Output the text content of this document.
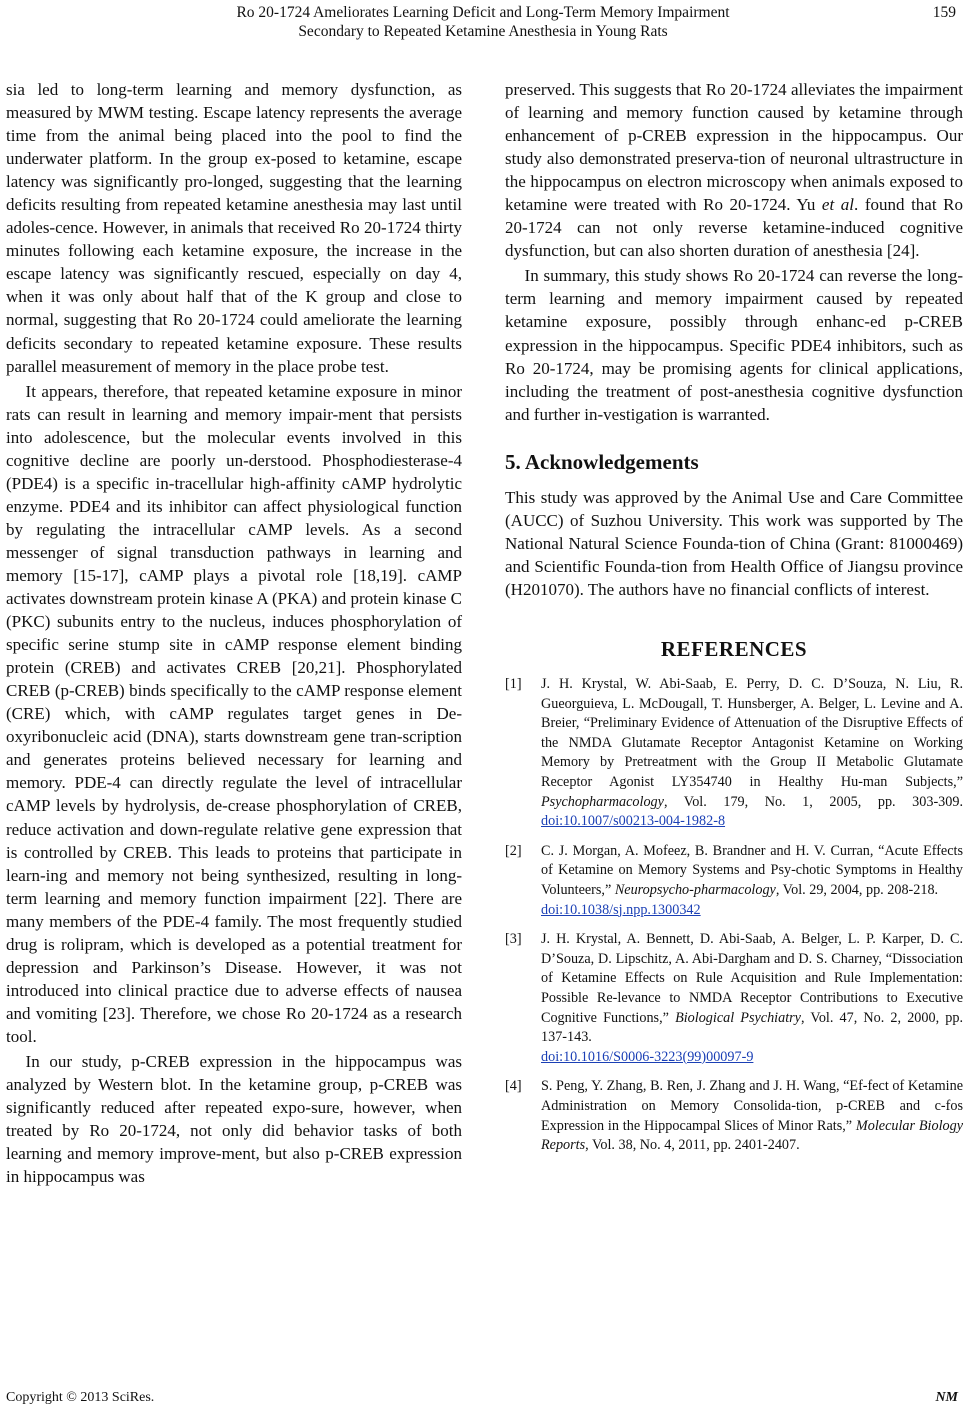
Ro 20-1724 Ameliorates Learning Deficit and Long-Term Memory Impairment
Secondary to Repeated Ketamine Anesthesia in Young Rats
159

sia led to long-term learning and memory dysfunction, as measured by MWM testing. Escape latency represents the average time from the animal being placed into the pool to find the underwater platform. In the group ex-posed to ketamine, escape latency was significantly pro-longed, suggesting that the learning deficits resulting from repeated ketamine anesthesia may last until adoles-cence. However, in animals that received Ro 20-1724 thirty minutes following each ketamine exposure, the increase in the escape latency was significantly rescued, especially on day 4, when it was only about half that of the K group and close to normal, suggesting that Ro 20-1724 could ameliorate the learning deficits secondary to repeated ketamine exposure. These results parallel measurement of memory in the place probe test.

It appears, therefore, that repeated ketamine exposure in minor rats can result in learning and memory impair-ment that persists into adolescence, but the molecular events involved in this cognitive decline are poorly un-derstood. Phosphodiesterase-4 (PDE4) is a specific in-tracellular high-affinity cAMP hydrolytic enzyme. PDE4 and its inhibitor can affect physiological function by regulating the intracellular cAMP levels. As a second messenger of signal transduction pathways in learning and memory [15-17], cAMP plays a pivotal role [18,19]. cAMP activates downstream protein kinase A (PKA) and protein kinase C (PKC) subunits entry to the nucleus, induces phosphorylation of specific serine stump site in cAMP response element binding protein (CREB) and activates CREB [20,21]. Phosphorylated CREB (p-CREB) binds specifically to the cAMP response element (CRE) which, with cAMP regulates target genes in De-oxyribonucleic acid (DNA), starts downstream gene tran-scription and generates proteins believed necessary for learning and memory. PDE-4 can directly regulate the level of intracellular cAMP levels by hydrolysis, de-crease phosphorylation of CREB, reduce activation and down-regulate relative gene expression that is controlled by CREB. This leads to proteins that participate in learn-ing and memory not being synthesized, resulting in long-term learning and memory function impairment [22]. There are many members of the PDE-4 family. The most frequently studied drug is rolipram, which is developed as a potential treatment for depression and Parkinson’s Disease. However, it was not introduced into clinical practice due to adverse effects of nausea and vomiting [23]. Therefore, we chose Ro 20-1724 as a research tool.

In our study, p-CREB expression in the hippocampus was analyzed by Western blot. In the ketamine group, p-CREB was significantly reduced after repeated expo-sure, however, when treated by Ro 20-1724, not only did behavior tasks of both learning and memory improve-ment, but also p-CREB expression in hippocampus was

preserved. This suggests that Ro 20-1724 alleviates the impairment of learning and memory function caused by ketamine through enhancement of p-CREB expression in the hippocampus. Our study also demonstrated preserva-tion of neuronal ultrastructure in the hippocampus on electron microscopy when animals exposed to ketamine were treated with Ro 20-1724. Yu et al. found that Ro 20-1724 can not only reverse ketamine-induced cognitive dysfunction, but can also shorten duration of anesthesia [24].

In summary, this study shows Ro 20-1724 can reverse the long-term learning and memory impairment caused by repeated ketamine exposure, possibly through enhanc-ed p-CREB expression in the hippocampus. Specific PDE4 inhibitors, such as Ro 20-1724, may be promising agents for clinical applications, including the treatment of post-anesthesia cognitive dysfunction and further in-vestigation is warranted.

5. Acknowledgements

This study was approved by the Animal Use and Care Committee (AUCC) of Suzhou University. This work was supported by The National Natural Science Founda-tion of China (Grant: 81000469) and Scientific Founda-tion from Health Office of Jiangsu province (H201070). The authors have no financial conflicts of interest.

REFERENCES
[1] J. H. Krystal, W. Abi-Saab, E. Perry, D. C. D’Souza, N. Liu, R. Gueorguieva, L. McDougall, T. Hunsberger, A. Belger, L. Levine and A. Breier, “Preliminary Evidence of Attenuation of the Disruptive Effects of the NMDA Glutamate Receptor Antagonist Ketamine on Working Memory by Pretreatment with the Group II Metabolic Glutamate Receptor Agonist LY354740 in Healthy Hu-man Subjects,” Psychopharmacology, Vol. 179, No. 1, 2005, pp. 303-309. doi:10.1007/s00213-004-1982-8
[2] C. J. Morgan, A. Mofeez, B. Brandner and H. V. Curran, “Acute Effects of Ketamine on Memory Systems and Psy-chotic Symptoms in Healthy Volunteers,” Neuropsycho-pharmacology, Vol. 29, 2004, pp. 208-218.
doi:10.1038/sj.npp.1300342
[3] J. H. Krystal, A. Bennett, D. Abi-Saab, A. Belger, L. P. Karper, D. C. D’Souza, D. Lipschitz, A. Abi-Dargham and D. S. Charney, “Dissociation of Ketamine Effects on Rule Acquisition and Rule Implementation: Possible Re-levance to NMDA Receptor Contributions to Executive Cognitive Functions,” Biological Psychiatry, Vol. 47, No. 2, 2000, pp. 137-143.
doi:10.1016/S0006-3223(99)00097-9
[4] S. Peng, Y. Zhang, B. Ren, J. Zhang and J. H. Wang, “Ef-fect of Ketamine Administration on Memory Consolida-tion, p-CREB and c-fos Expression in the Hippocampal Slices of Minor Rats,” Molecular Biology Reports, Vol. 38, No. 4, 2011, pp. 2401-2407.
Copyright © 2013 SciRes.	NM
